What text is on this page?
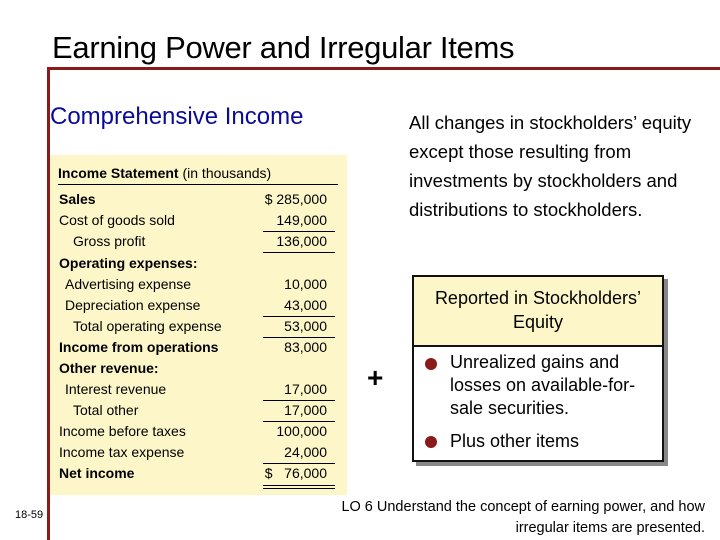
Earning Power and Irregular Items
Comprehensive Income	All changes in stockholders’ equity except those resulting from investments by stockholders and distributions to stockholders.
Income Statement (in thousands)
Sales	$ 285,000
Cost of goods sold	149,000
Gross profit	136,000
Operating expenses:
Advertising expense	10,000
Depreciation expense	43,000
Total operating expense	53,000
Income from operations	83,000
Other revenue:
Interest revenue	17,000
Total other	17,000
Income before taxes	100,000
Income tax expense	24,000
Net income	$   76,000
+
Reported in Stockholders’ Equity
Unrealized gains and losses on available-for-sale securities.
Plus other items
18-59	LO 6 Understand the concept of earning power, and how irregular items are presented.
